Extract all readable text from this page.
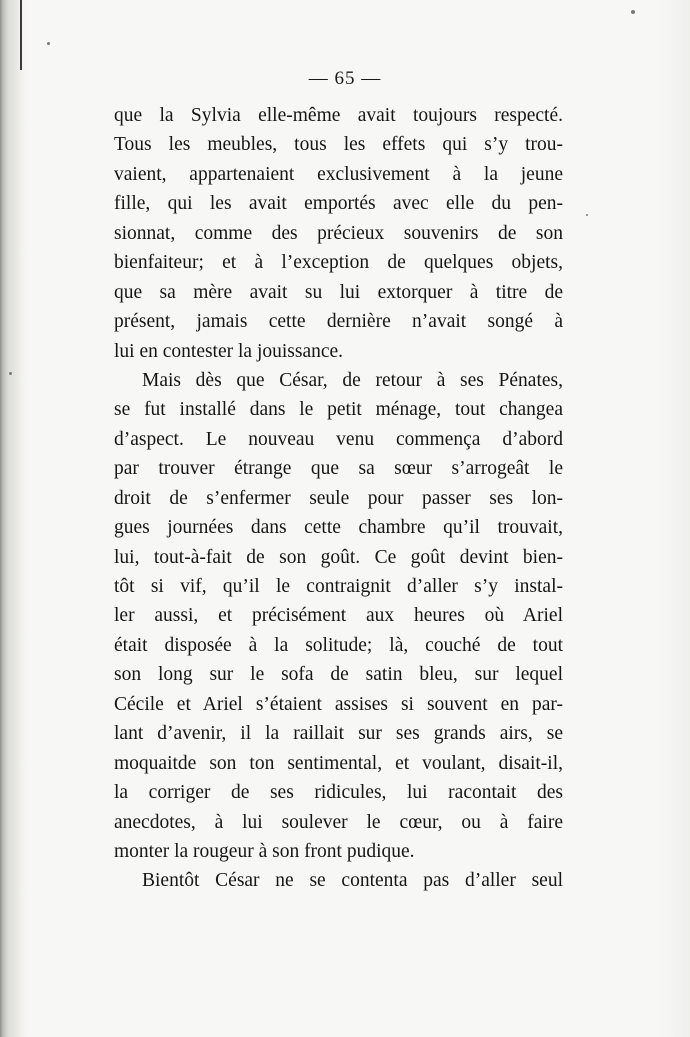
— 65 —
que la Sylvia elle-même avait toujours respecté.
Tous les meubles, tous les effets qui s’y trou-
vaient, appartenaient exclusivement à la jeune
fille, qui les avait emportés avec elle du pen-
sionnat, comme des précieux souvenirs de son
bienfaiteur; et à l’exception de quelques objets,
que sa mère avait su lui extorquer à titre de
présent, jamais cette dernière n’avait songé à
lui en contester la jouissance.
Mais dès que César, de retour à ses Pénates,
se fut installé dans le petit ménage, tout changea
d’aspect. Le nouveau venu commença d’abord
par trouver étrange que sa sœur s’arrogeât le
droit de s’enfermer seule pour passer ses lon-
gues journées dans cette chambre qu’il trouvait,
lui, tout-à-fait de son goût. Ce goût devint bien-
tôt si vif, qu’il le contraignit d’aller s’y instal-
ler aussi, et précisément aux heures où Ariel
était disposée à la solitude; là, couché de tout
son long sur le sofa de satin bleu, sur lequel
Cécile et Ariel s’étaient assises si souvent en par-
lant d’avenir, il la raillait sur ses grands airs, se
moquaitde son ton sentimental, et voulant, disait-il,
la corriger de ses ridicules, lui racontait des
anecdotes, à lui soulever le cœur, ou à faire
monter la rougeur à son front pudique.
Bientôt César ne se contenta pas d’aller seul
